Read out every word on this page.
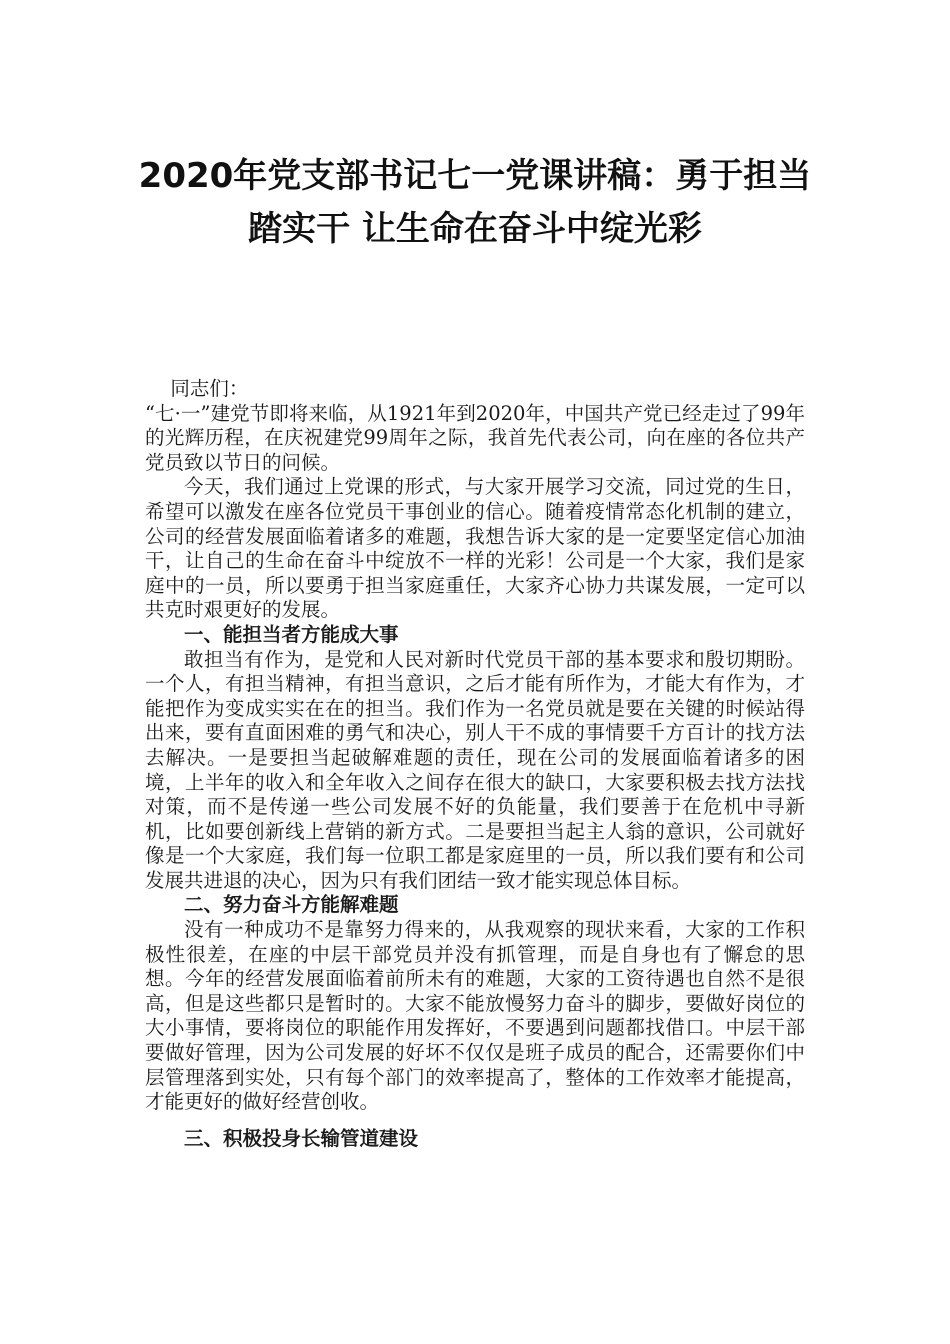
2020年党支部书记七一党课讲稿：勇于担当
踏实干 让生命在奋斗中绽光彩

同志们：

“七·一”建党节即将来临，从1921年到2020年，中国共产党已经走过了99年的光辉历程，在庆祝建党99周年之际，我首先代表公司，向在座的各位共产党员致以节日的问候。

今天，我们通过上党课的形式，与大家开展学习交流，同过党的生日，希望可以激发在座各位党员干事创业的信心。随着疫情常态化机制的建立，公司的经营发展面临着诸多的难题，我想告诉大家的是一定要坚定信心加油干，让自己的生命在奋斗中绽放不一样的光彩！公司是一个大家，我们是家庭中的一员，所以要勇于担当家庭重任，大家齐心协力共谋发展，一定可以共克时艰更好的发展。

一、能担当者方能成大事

敢担当有作为，是党和人民对新时代党员干部的基本要求和殷切期盼。一个人，有担当精神，有担当意识，之后才能有所作为，才能大有作为，才能把作为变成实实在在的担当。我们作为一名党员就是要在关键的时候站得出来，要有直面困难的勇气和决心，别人干不成的事情要千方百计的找方法去解决。一是要担当起破解难题的责任，现在公司的发展面临着诸多的困境，上半年的收入和全年收入之间存在很大的缺口，大家要积极去找方法找对策，而不是传递一些公司发展不好的负能量，我们要善于在危机中寻新机，比如要创新线上营销的新方式。二是要担当起主人翁的意识，公司就好像是一个大家庭，我们每一位职工都是家庭里的一员，所以我们要有和公司发展共进退的决心，因为只有我们团结一致才能实现总体目标。

二、努力奋斗方能解难题

没有一种成功不是靠努力得来的，从我观察的现状来看，大家的工作积极性很差，在座的中层干部党员并没有抓管理，而是自身也有了懈怠的思想。今年的经营发展面临着前所未有的难题，大家的工资待遇也自然不是很高，但是这些都只是暂时的。大家不能放慢努力奋斗的脚步，要做好岗位的大小事情，要将岗位的职能作用发挥好，不要遇到问题都找借口。中层干部要做好管理，因为公司发展的好坏不仅仅是班子成员的配合，还需要你们中层管理落到实处，只有每个部门的效率提高了，整体的工作效率才能提高，才能更好的做好经营创收。

三、积极投身长输管道建设
